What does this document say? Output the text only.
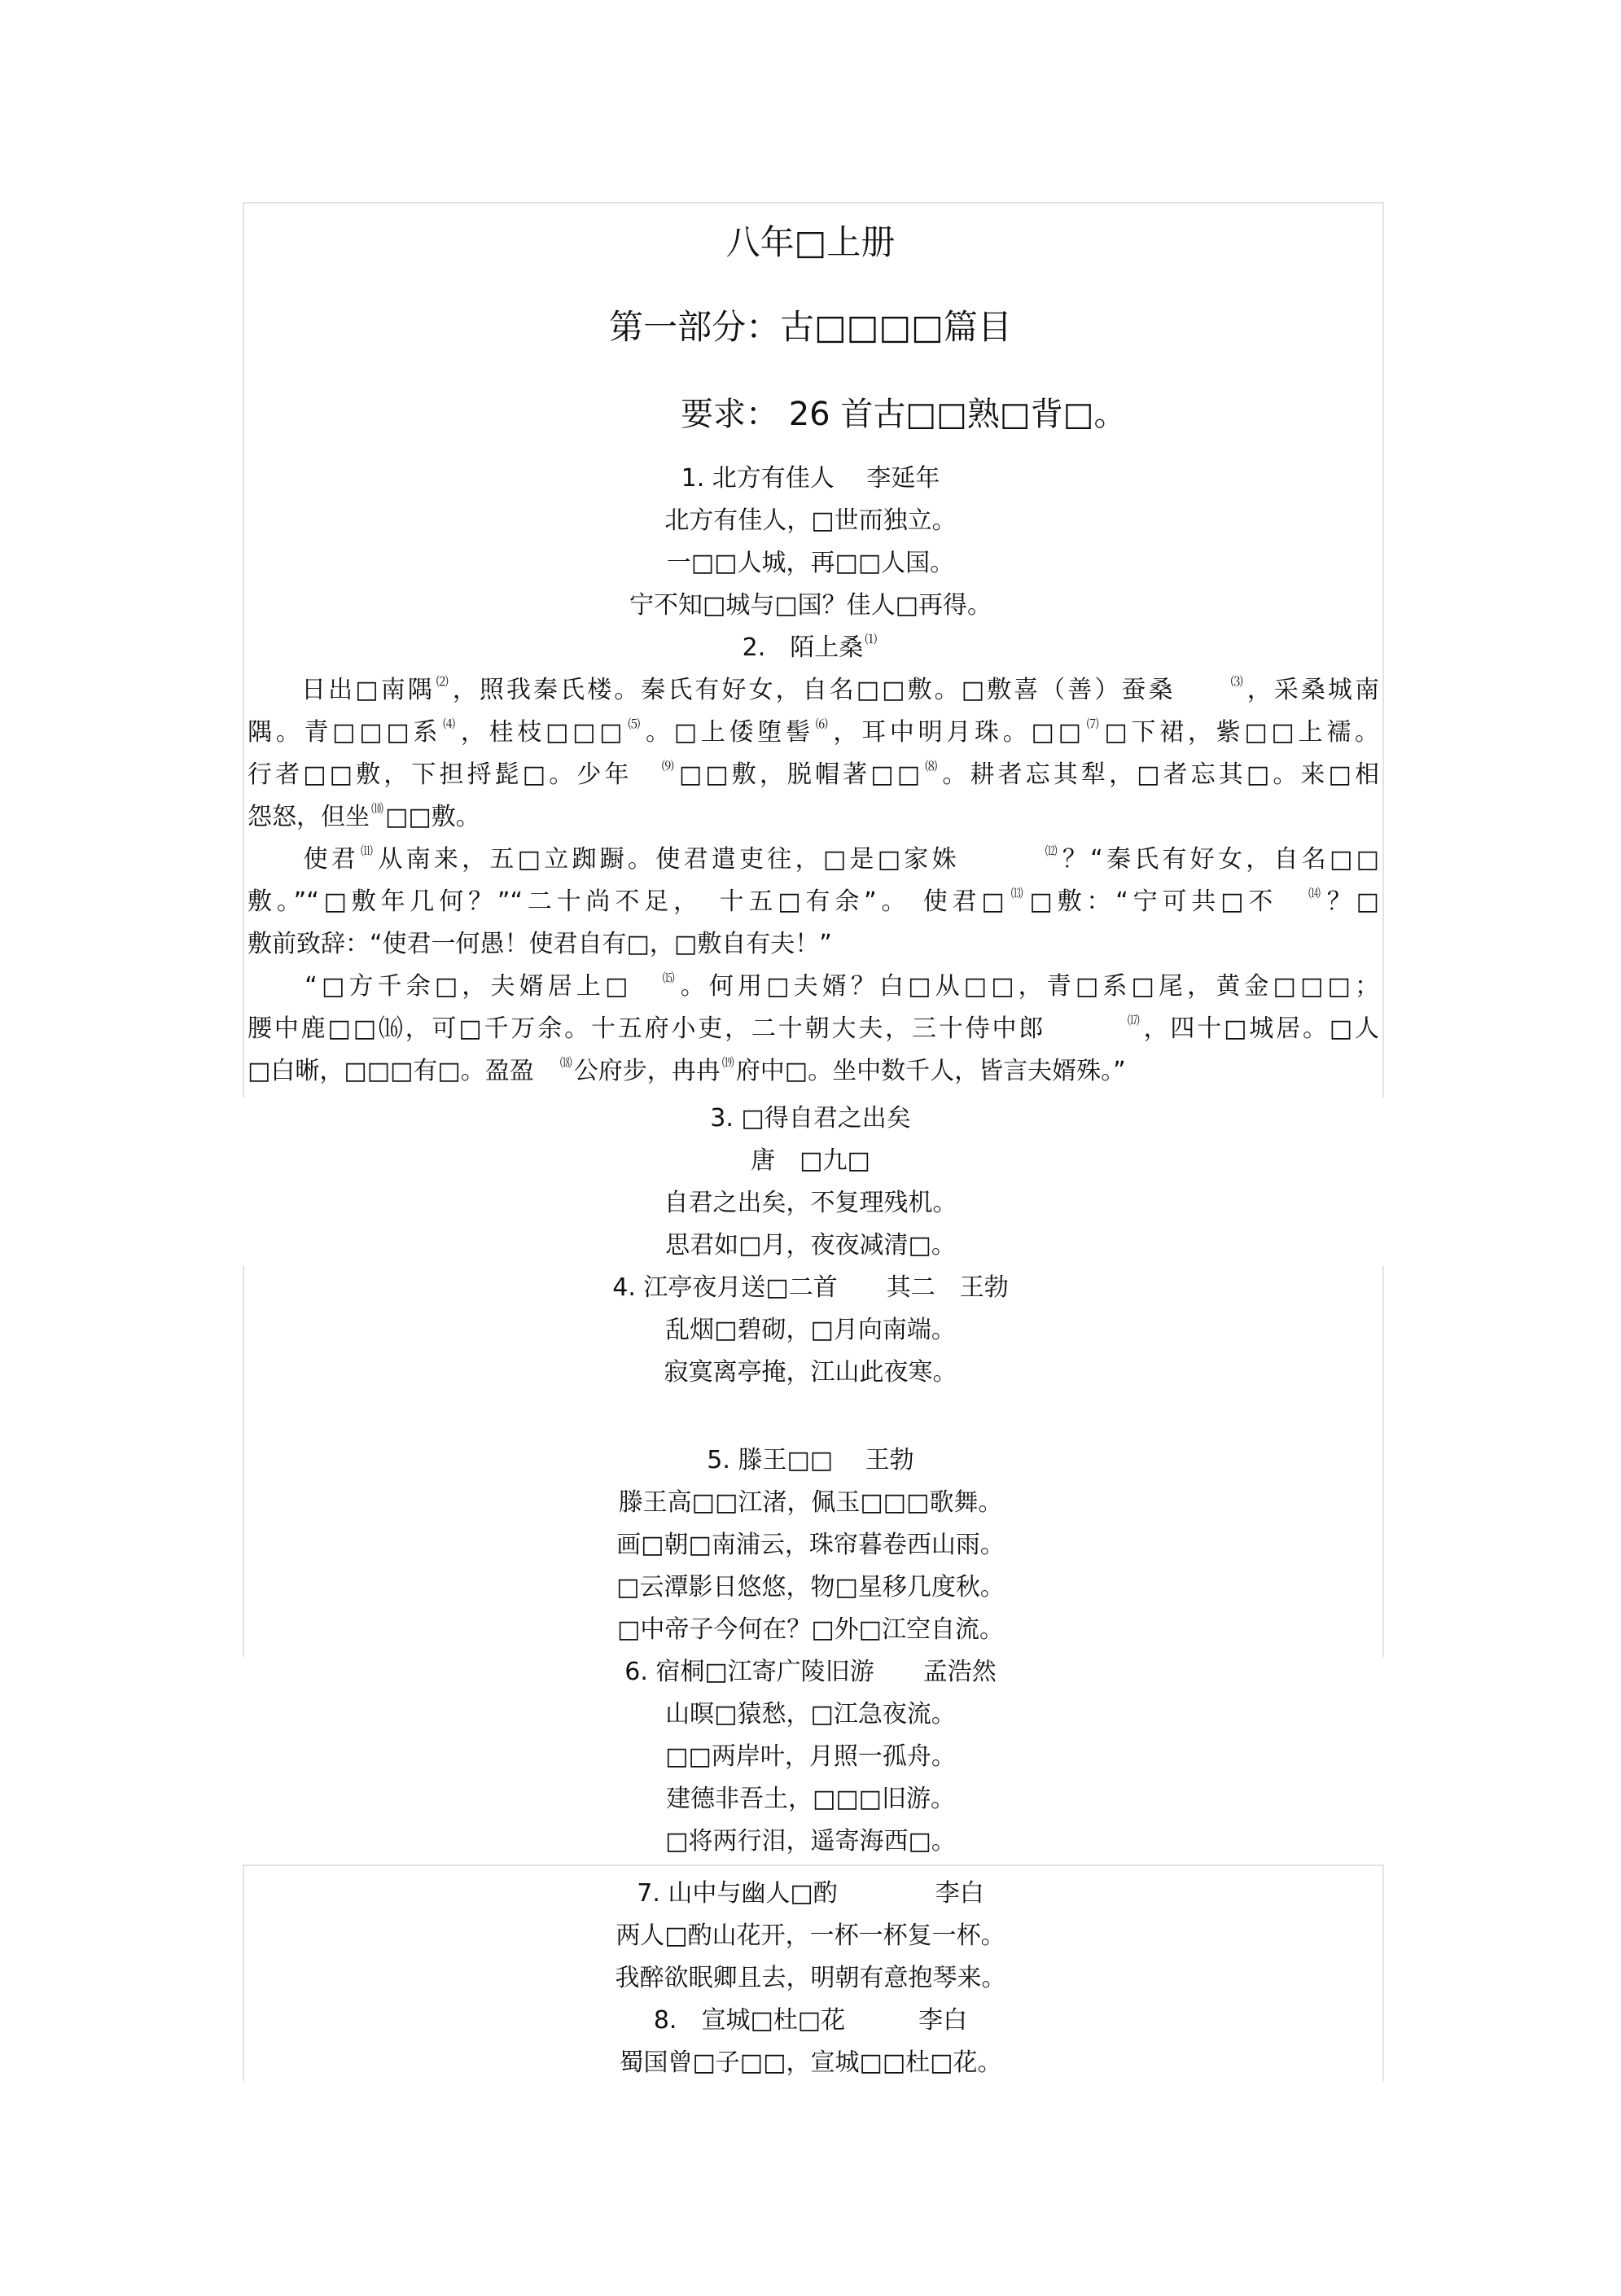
八年□上册
第一部分：古□□□□篇目
要求： 26 首古□□熟□背□。
1. 北方有佳人　 李延年
北方有佳人，□世而独立。
一□□人城，再□□人国。
宁不知□城与□国？佳人□再得。
2.　陌上桑 ⑴
　　日出□南隅 ⑵，照我秦氏楼。秦氏有好女，自名□□敷。□敷喜（善）蚕桑　　⑶，采桑城南
隅。青□□□系 ⑷，桂枝□□□ ⑸。□上倭堕髻 ⑹，耳中明月珠。□□ ⑺□下裙，紫□□上襦。
行者□□敷，下担捋髭□。少年　⑼□□敷，脱帽著□□ ⑻。耕者忘其犁，□者忘其□。来□相
怨怒，但坐 ⑽□□敷。
　　使君 ⑾从南来，五□立踟蹰。使君遣吏往，□是□家姝　　　⑿？“秦氏有好女，自名□□
敷。”“□敷年几何？”“二十尚不足，　十五□有余”。 使君□ ⒀□敷：“宁可共□不　⒁？□
敷前致辞：“使君一何愚！使君自有□，□敷自有夫！”
　　“□方千余□，夫婿居上□　⒂。何用□夫婿？白□从□□，青□系□尾，黄金□□□；
腰中鹿□□⒃，可□千万余。十五府小吏，二十朝大夫，三十侍中郎　　　⒄，四十□城居。□人
□白晰，□□□有□。盈盈　⒅公府步，冉冉 ⒆府中□。坐中数千人，皆言夫婿殊。”
3. □得自君之出矣
唐　□九□
自君之出矣，不复理残机。
思君如□月，夜夜减清□。
4. 江亭夜月送□二首　　其二　王勃
乱烟□碧砌，□月向南端。
寂寞离亭掩，江山此夜寒。
5. 滕王□□　 王勃
滕王高□□江渚，佩玉□□□歌舞。
画□朝□南浦云，珠帘暮卷西山雨。
□云潭影日悠悠，物□星移几度秋。
□中帝子今何在？□外□江空自流。
6. 宿桐□江寄广陵旧游　　孟浩然
山暝□猿愁，□江急夜流。
□□两岸叶，月照一孤舟。
建德非吾土，□□□旧游。
□将两行泪，遥寄海西□。
7. 山中与幽人□酌　　　　李白
两人□酌山花开，一杯一杯复一杯。
我醉欲眠卿且去，明朝有意抱琴来。
8.　宣城□杜□花　　　李白
蜀国曾□子□□，宣城□□杜□花。
